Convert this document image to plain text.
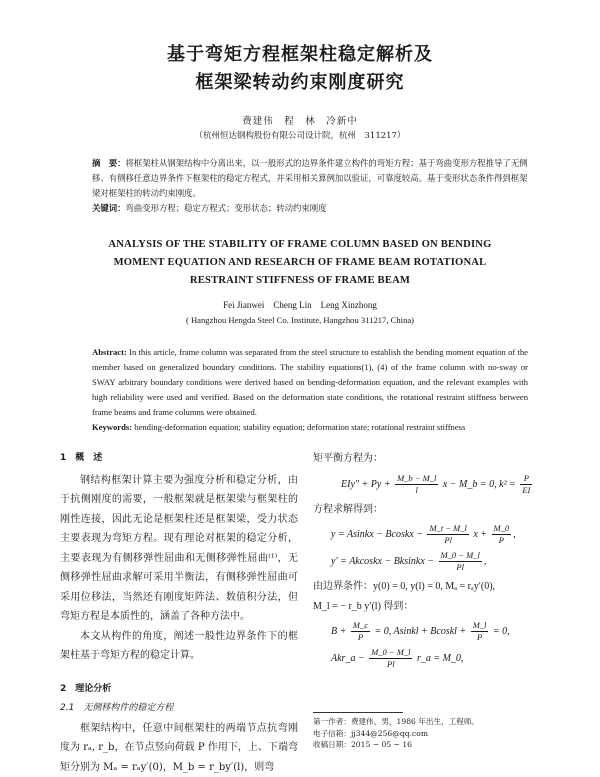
基于弯矩方程框架柱稳定解析及
框架梁转动约束刚度研究
费建伟　程　林　冷新中
（杭州恒达钢构股份有限公司设计院，杭州　311217）
摘　要：将框架柱从钢架结构中分离出来，以一般形式的边界条件建立构件的弯矩方程；基于弯曲变形方程推导了无侧移、有侧移任意边界条件下框架柱的稳定方程式，并采用相关算例加以验证，可靠度较高。基于变形状态条件得到框架梁对框架柱的转动约束刚度。
关键词：弯曲变形方程；稳定方程式；变形状态；转动约束刚度
ANALYSIS OF THE STABILITY OF FRAME COLUMN BASED ON BENDING
MOMENT EQUATION AND RESEARCH OF FRAME BEAM ROTATIONAL
RESTRAINT STIFFNESS OF FRAME BEAM
Fei Jianwei　Cheng Lin　Leng Xinzhong
( Hangzhou Hengda Steel Co. Institute, Hangzhou 311217, China)
Abstract: In this article, frame column was separated from the steel structure to establish the bending moment equation of the member based on generalized boundary conditions. The stability equations(1), (4) of the frame column with no-sway or SWAY arbitrary boundary conditions were derived based on bending-deformation equation, and the relevant examples with high reliability were used and verified. Based on the deformation state conditions, the rotational restraint stiffness between frame beams and frame columns were obtained.
Keywords: bending-deformation equation; stability equation; deformation state; rotational restraint stiffness
1　概　述

钢结构框架计算主要为强度分析和稳定分析，由于抗侧刚度的需要，一般框架就是框架梁与框架柱的刚性连接，因此无论是框架柱还是框架梁，受力状态主要表现为弯矩方程。现有理论对框架的稳定分析，主要表现为有侧移弹性屈曲和无侧移弹性屈曲⁽¹⁾，无侧移弹性屈曲求解可采用半衡法，有侧移弹性屈曲可采用位移法，当然还有刚度矩阵法、数值积分法，但弯矩方程是本质性的，涵盖了各种方法中。

本文从构件的角度，阐述一般性边界条件下的框架柱基于弯矩方程的稳定计算。

2　理论分析
2.1　无侧移构件的稳定方程

框架结构中，任意中间框架柱的两端节点抗弯刚度为 rₐ, r_b，在节点竖向荷载 P 作用下，上、下端弯矩分别为 Mₐ = rₐy′(0)，M_b = r_by′(l)，则弯

矩平衡方程为：
$EIy'' + Py + \frac{M\_b - M\_l}{l}$ x − M_b = 0, $k^2 = \frac{P}{EI}$
方程求解得到：
y = Asinkx − Bcoskx − $\frac{M\_t - M\_l}{Pl}$ $x + \frac{M\_0}{P}$ ,
y′ = Akcoskx − Bksinkx − $\frac{M\_0 - M\_l}{Pl}$ ,
由边界条件：y(0) = 0, y(l) = 0, Mₐ = rₐy′(0),
M_l = − r_b y′(l) 得到：
$B + \frac{M\_c}{P} = 0$, Asinkl + Bcoskl + $\frac{M\_l}{P} = 0$,
Akr_a − $\frac{M\_0 - M\_l}{Pl}$ r_a = M_0,
第一作者：费建伟，男，1986 年出生，工程师。
电子信箱：jj344@256@qq.com
收稿日期：2015 − 05 − 16
